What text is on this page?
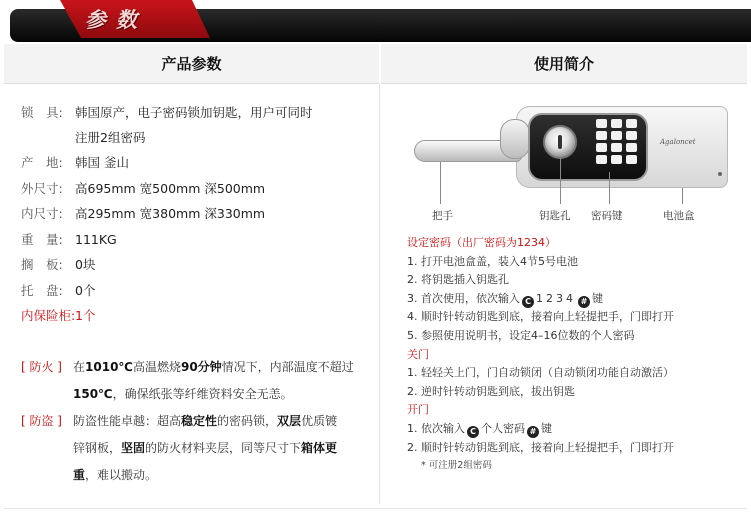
参数
产品参数	使用简介
锁　具: 韩国原产，电子密码锁加钥匙，用户可同时
注册2组密码
产　地: 韩国 釜山
外尺寸: 高695mm 宽500mm 深500mm
内尺寸: 高295mm 宽380mm 深330mm
重　量: 111KG
搁　板: 0块
托　盘: 0个
内保险柜: 1个
[ 防火 ] 在1010℃高温燃烧90分钟情况下，内部温度不超过
150℃，确保纸张等纤维资料安全无恙。
[ 防盗 ] 防盗性能卓越：超高稳定性的密码锁，双层优质镀
锌钢板，坚固的防火材料夹层，同等尺寸下箱体更
重，难以搬动。
Agaloncet
把手	钥匙孔 密码键	电池盒
设定密码（出厂密码为1234）
1. 打开电池盒盖，装入4节5号电池
2. 将钥匙插入钥匙孔
3. 首次使用，依次输入 C 1234 # 键
4. 顺时针转动钥匙到底，接着向上轻提把手，门即打开
5. 参照使用说明书，设定4–16位数的个人密码
关门
1. 轻轻关上门，门自动锁闭（自动锁闭功能自动激活）
2. 逆时针转动钥匙到底，拔出钥匙
开门
1. 依次输入 C 个人密码 # 键
2. 顺时针转动钥匙到底，接着向上轻提把手，门即打开
* 可注册2组密码
